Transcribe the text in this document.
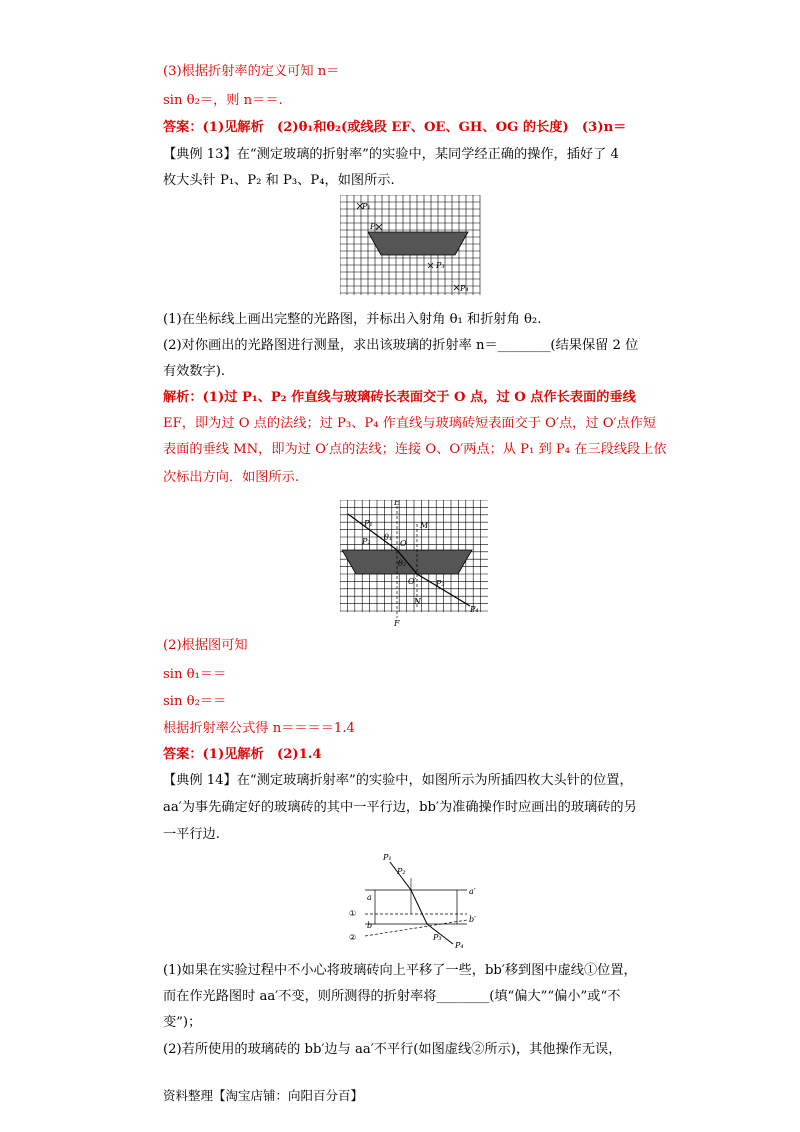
(3)根据折射率的定义可知 n＝
sin θ₂＝，则 n＝＝.
答案：(1)见解析　(2)θ₁和θ₂(或线段 EF、OE、GH、OG 的长度)　(3)n＝
【典例 13】在“测定玻璃的折射率”的实验中，某同学经正确的操作，插好了 4
枚大头针 P₁、P₂ 和 P₃、P₄，如图所示.
(1)在坐标线上画出完整的光路图，并标出入射角 θ₁ 和折射角 θ₂.
(2)对你画出的光路图进行测量，求出该玻璃的折射率 n＝________(结果保留 2 位
有效数字).
解析：(1)过 P₁、P₂ 作直线与玻璃砖长表面交于 O 点，过 O 点作长表面的垂线
EF，即为过 O 点的法线；过 P₃、P₄ 作直线与玻璃砖短表面交于 O′点，过 O′点作短
表面的垂线 MN，即为过 O′点的法线；连接 O、O′两点；从 P₁ 到 P₄ 在三段线段上依
次标出方向．如图所示.
(2)根据图可知
sin θ₁＝＝
sin θ₂＝＝
根据折射率公式得 n＝＝＝＝1.4
答案：(1)见解析　(2)1.4
【典例 14】在“测定玻璃折射率”的实验中，如图所示为所插四枚大头针的位置，
aa′为事先确定好的玻璃砖的其中一平行边，bb′为准确操作时应画出的玻璃砖的另
一平行边.
(1)如果在实验过程中不小心将玻璃砖向上平移了一些，bb′移到图中虚线①位置，
而在作光路图时 aa′不变，则所测得的折射率将________(填“偏大”“偏小”或“不
变”)；
(2)若所使用的玻璃砖的 bb′边与 aa′不平行(如图虚线②所示)，其他操作无误，
P₁
P₂
P₃
P₄
E
F
M
N
O
O′
P₁
P₂
P₃
P₄
θ₁
θ₂
P₁
P₂
P₃
P₄
a
a′
b
b′
①
②
资料整理【淘宝店铺：向阳百分百】
